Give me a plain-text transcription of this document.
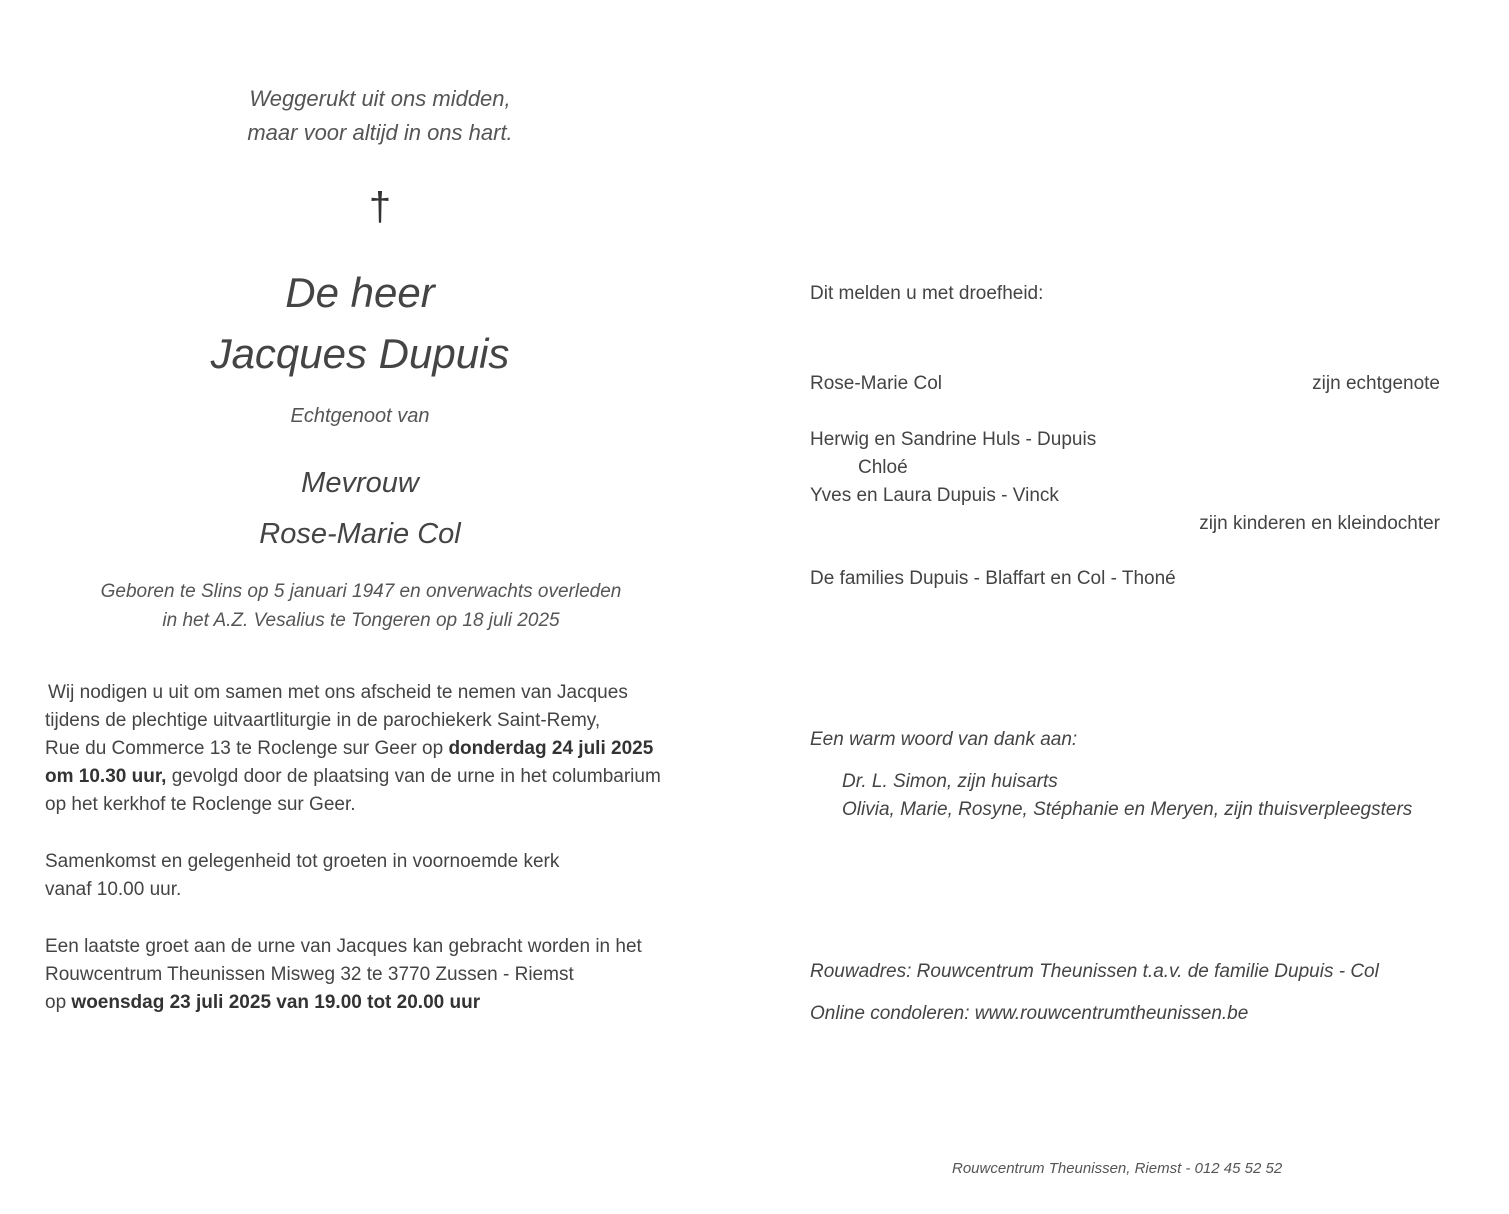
Weggerukt uit ons midden,
maar voor altijd in ons hart.
†
De heer
Jacques Dupuis
Echtgenoot van
Mevrouw
Rose-Marie Col
Geboren te Slins op 5 januari 1947 en onverwachts overleden
in het A.Z. Vesalius te Tongeren op 18 juli 2025
Wij nodigen u uit om samen met ons afscheid te nemen van Jacques
tijdens de plechtige uitvaartliturgie in de parochiekerk Saint-Remy,
Rue du Commerce 13 te Roclenge sur Geer op donderdag 24 juli 2025
om 10.30 uur, gevolgd door de plaatsing van de urne in het columbarium
op het kerkhof te Roclenge sur Geer.
Samenkomst en gelegenheid tot groeten in voornoemde kerk
vanaf 10.00 uur.
Een laatste groet aan de urne van Jacques kan gebracht worden in het
Rouwcentrum Theunissen Misweg 32 te 3770 Zussen - Riemst
op woensdag 23 juli 2025 van 19.00 tot 20.00 uur
Dit melden u met droefheid:
Rose-Marie Col	zijn echtgenote
Herwig en Sandrine Huls - Dupuis
Chloé
Yves en Laura Dupuis - Vinck
zijn kinderen en kleindochter
De families Dupuis - Blaffart en Col - Thoné
Een warm woord van dank aan:
Dr. L. Simon, zijn huisarts
Olivia, Marie, Rosyne, Stéphanie en Meryen, zijn thuisverpleegsters
Rouwadres: Rouwcentrum Theunissen t.a.v. de familie Dupuis - Col
Online condoleren: www.rouwcentrumtheunissen.be
Rouwcentrum Theunissen, Riemst - 012 45 52 52
